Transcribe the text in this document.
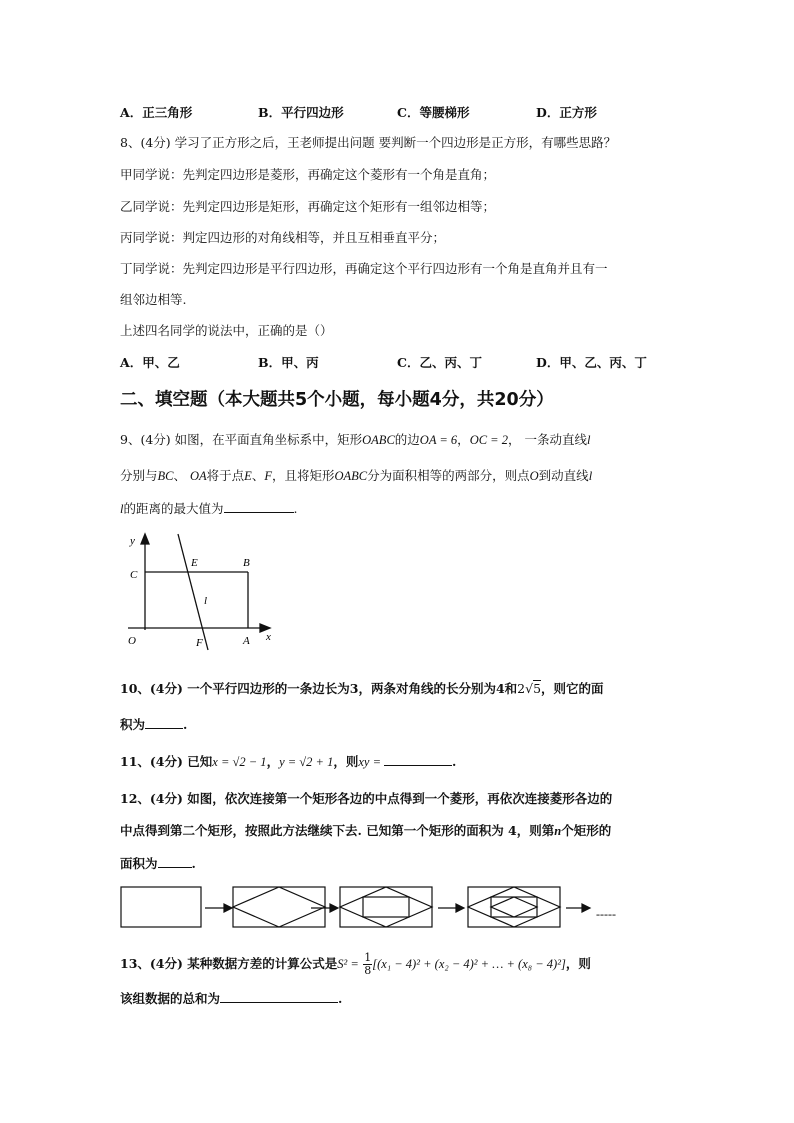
A．正三角形	B．平行四边形	C．等腰梯形	D．正方形
8、(4分) 学习了正方形之后，王老师提出问题 要判断一个四边形是正方形，有哪些思路？
甲同学说：先判定四边形是菱形，再确定这个菱形有一个角是直角；
乙同学说：先判定四边形是矩形，再确定这个矩形有一组邻边相等；
丙同学说：判定四边形的对角线相等，并且互相垂直平分；
丁同学说：先判定四边形是平行四边形，再确定这个平行四边形有一个角是直角并且有一
组邻边相等.
上述四名同学的说法中，正确的是（）
A．甲、乙	B．甲、丙	C．乙、丙、丁	D．甲、乙、丙、丁
二、填空题（本大题共5个小题，每小题4分，共20分）
9、(4分) 如图，在平面直角坐标系中，矩形OABC的边OA = 6，OC = 2， 一条动直线l
分别与BC、 OA将于点E、F，且将矩形OABC分为面积相等的两部分，则点O到动直线l
l的距离的最大值为	.
y
x
C
E	B
l
O	F	A
10、(4分) 一个平行四边形的一条边长为3，两条对角线的长分别为4和2√5，则它的面
积为	.
11、(4分) 已知x = √2 − 1，y = √2 + 1，则xy =	.
12、(4分) 如图，依次连接第一个矩形各边的中点得到一个菱形，再依次连接菱形各边的
中点得到第二个矩形，按照此方法继续下去. 已知第一个矩形的面积为 4，则第n个矩形的
面积为	.
-----
13、(4分) 某种数据方差的计算公式是$S^2 = \frac{1}{8} [(x_1 - 4)^2 + (x_2 - 4)^2$ + … + (x₈ − 4)²]，则
该组数据的总和为	.
